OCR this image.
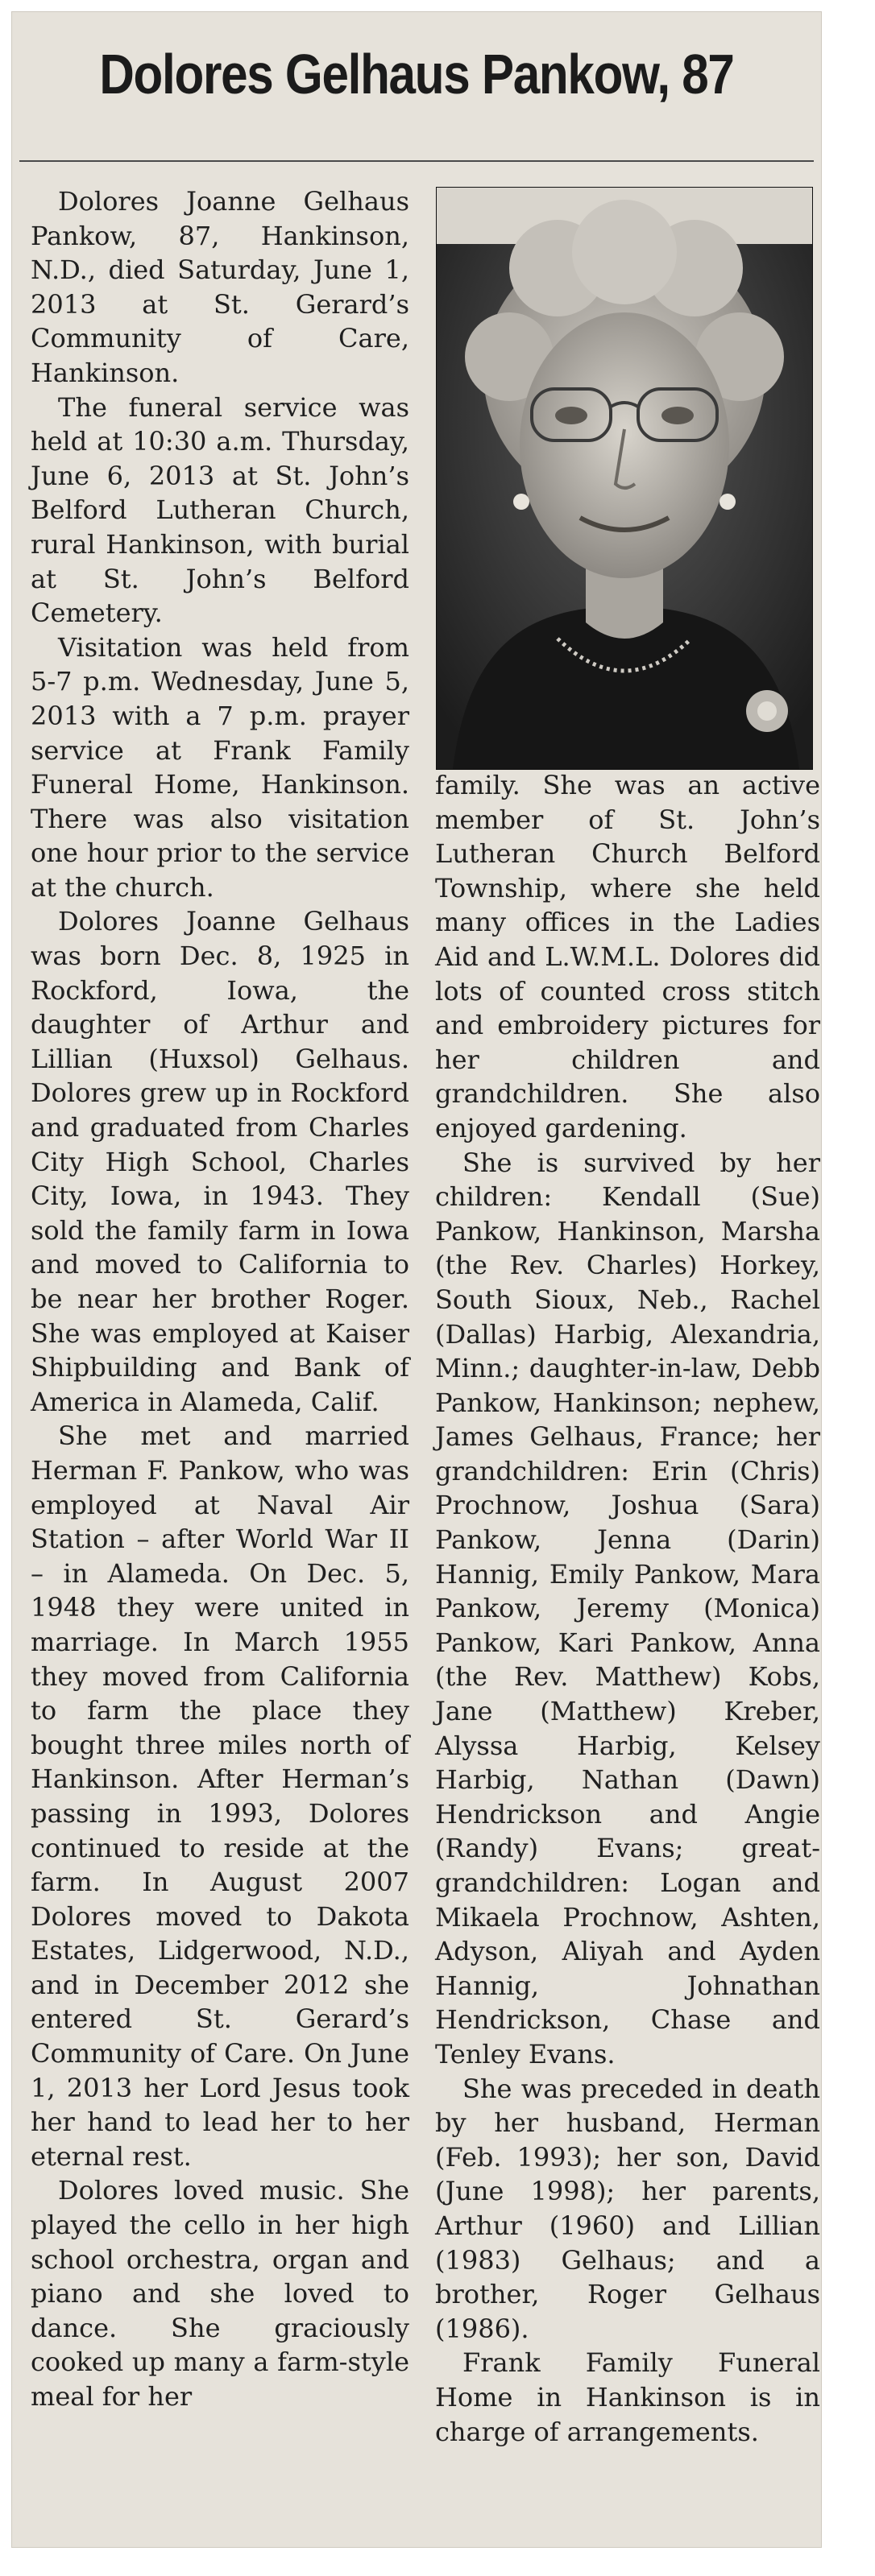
Dolores Gelhaus Pankow, 87

Dolores Joanne Gelhaus Pankow, 87, Hankinson, N.D., died Saturday, June 1, 2013 at St. Gerard’s Community of Care, Hankinson.

The funeral service was held at 10:30 a.m. Thursday, June 6, 2013 at St. John’s Belford Lutheran Church, rural Hankinson, with burial at St. John’s Belford Cemetery.

Visitation was held from 5-7 p.m. Wednesday, June 5, 2013 with a 7 p.m. prayer service at Frank Family Funeral Home, Hankinson. There was also visitation one hour prior to the service at the church.

Dolores Joanne Gelhaus was born Dec. 8, 1925 in Rockford, Iowa, the daughter of Arthur and Lillian (Huxsol) Gelhaus. Dolores grew up in Rockford and graduated from Charles City High School, Charles City, Iowa, in 1943. They sold the family farm in Iowa and moved to California to be near her brother Roger. She was employed at Kaiser Shipbuilding and Bank of America in Alameda, Calif.

She met and married Herman F. Pankow, who was employed at Naval Air Station – after World War II – in Alameda. On Dec. 5, 1948 they were united in marriage. In March 1955 they moved from California to farm the place they bought three miles north of Hankinson. After Herman’s passing in 1993, Dolores continued to reside at the farm. In August 2007 Dolores moved to Dakota Estates, Lidgerwood, N.D., and in December 2012 she entered St. Gerard’s Community of Care. On June 1, 2013 her Lord Jesus took her hand to lead her to her eternal rest.

Dolores loved music. She played the cello in her high school orchestra, organ and piano and she loved to dance. She graciously cooked up many a farm-style meal for her

family. She was an active member of St. John’s Lutheran Church Belford Township, where she held many offices in the Ladies Aid and L.W.M.L. Dolores did lots of counted cross stitch and embroidery pictures for her children and grandchildren. She also enjoyed gardening.

She is survived by her children: Kendall (Sue) Pankow, Hankinson, Marsha (the Rev. Charles) Horkey, South Sioux, Neb., Rachel (Dallas) Harbig, Alexandria, Minn.; daughter-in-law, Debb Pankow, Hankinson; nephew, James Gelhaus, France; her grandchildren: Erin (Chris) Prochnow, Joshua (Sara) Pankow, Jenna (Darin) Hannig, Emily Pankow, Mara Pankow, Jeremy (Monica) Pankow, Kari Pankow, Anna (the Rev. Matthew) Kobs, Jane (Matthew) Kreber, Alyssa Harbig, Kelsey Harbig, Nathan (Dawn) Hendrickson and Angie (Randy) Evans; great-grandchildren: Logan and Mikaela Prochnow, Ashten, Adyson, Aliyah and Ayden Hannig, Johnathan Hendrickson, Chase and Tenley Evans.

She was preceded in death by her husband, Herman (Feb. 1993); her son, David (June 1998); her parents, Arthur (1960) and Lillian (1983) Gelhaus; and a brother, Roger Gelhaus (1986).

Frank Family Funeral Home in Hankinson is in charge of arrangements.
